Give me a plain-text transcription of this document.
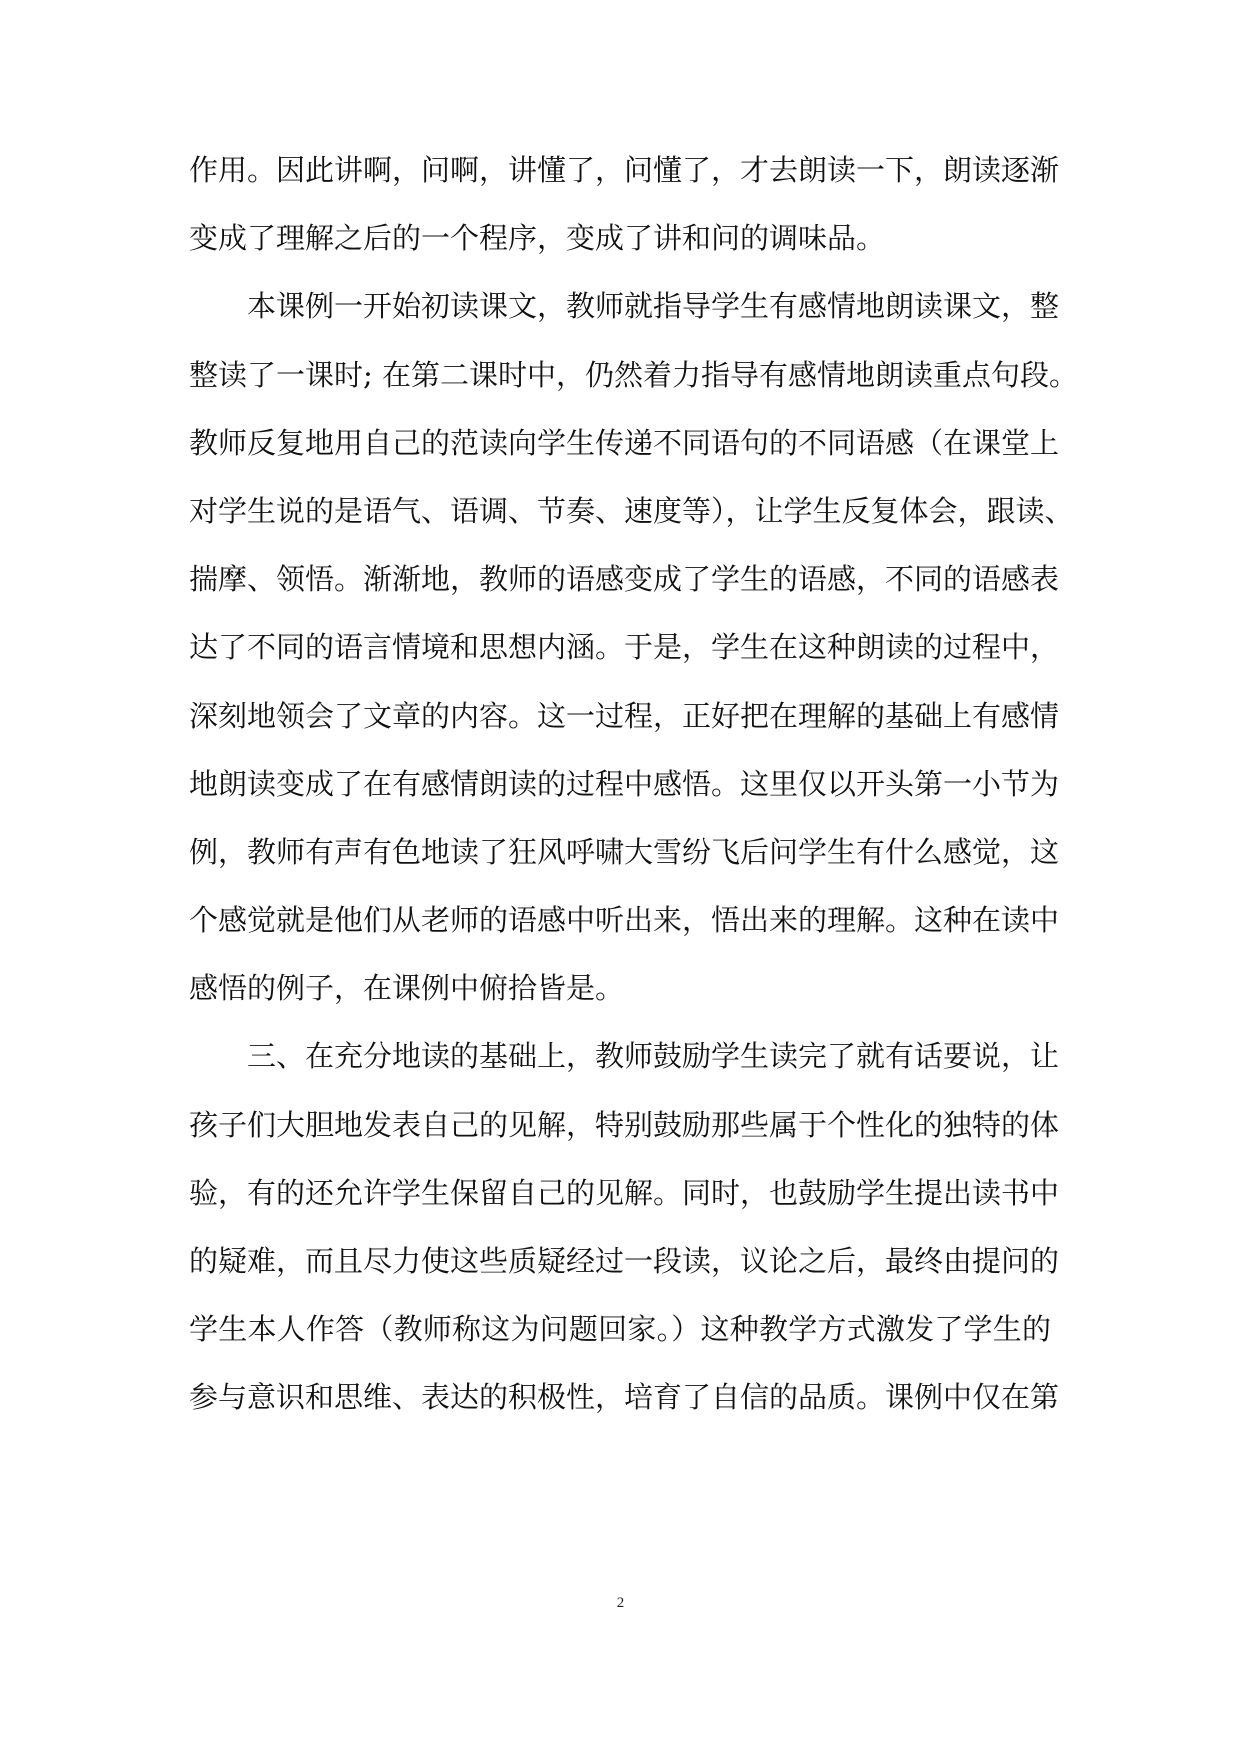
作用。因此讲啊，问啊，讲懂了，问懂了，才去朗读一下，朗读逐渐
变成了理解之后的一个程序，变成了讲和问的调味品。
本课例一开始初读课文，教师就指导学生有感情地朗读课文，整
整读了一课时; 在第二课时中，仍然着力指导有感情地朗读重点句段。
教师反复地用自己的范读向学生传递不同语句的不同语感（在课堂上
对学生说的是语气、语调、节奏、速度等），让学生反复体会，跟读、
揣摩、领悟。渐渐地，教师的语感变成了学生的语感，不同的语感表
达了不同的语言情境和思想内涵。于是，学生在这种朗读的过程中，
深刻地领会了文章的内容。这一过程，正好把在理解的基础上有感情
地朗读变成了在有感情朗读的过程中感悟。这里仅以开头第一小节为
例，教师有声有色地读了狂风呼啸大雪纷飞后问学生有什么感觉，这
个感觉就是他们从老师的语感中听出来，悟出来的理解。这种在读中
感悟的例子，在课例中俯拾皆是。
三、在充分地读的基础上，教师鼓励学生读完了就有话要说，让
孩子们大胆地发表自己的见解，特别鼓励那些属于个性化的独特的体
验，有的还允许学生保留自己的见解。同时，也鼓励学生提出读书中
的疑难，而且尽力使这些质疑经过一段读，议论之后，最终由提问的
学生本人作答（教师称这为问题回家。）这种教学方式激发了学生的
参与意识和思维、表达的积极性，培育了自信的品质。课例中仅在第
2
